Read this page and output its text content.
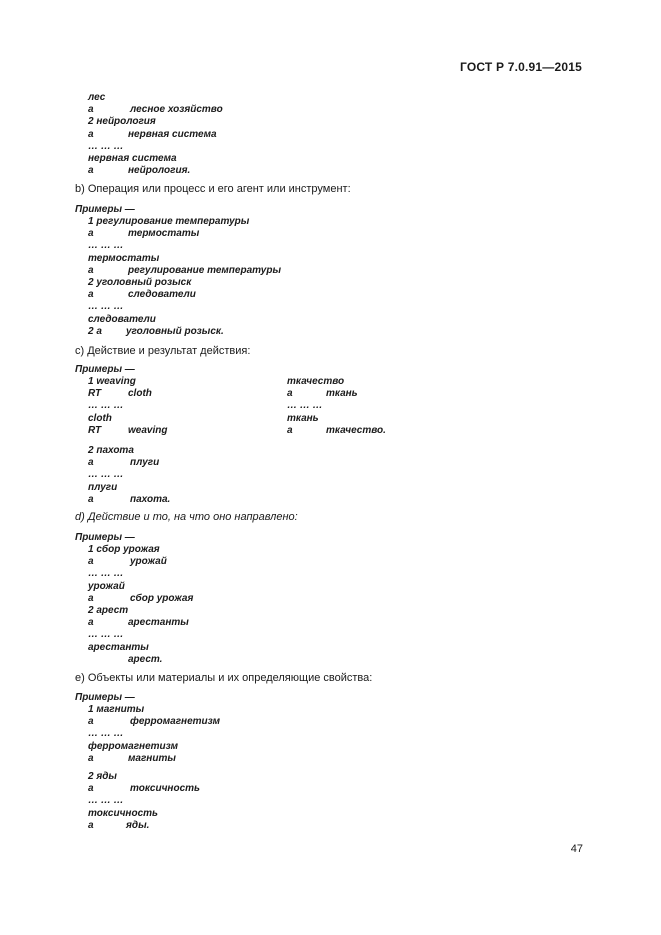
ГОСТ Р 7.0.91—2015
лес
a	лесное хозяйство
2 нейрология
a	нервная система
… … …
нервная система
a	нейрология.
b) Операция или процесс и его агент или инструмент:
Примеры —
1 регулирование температуры
a	термостаты
… … …
термостаты
a	регулирование температуры
2 уголовный розыск
a	следователи
… … …
следователи
2 a уголовный розыск.
c) Действие и результат действия:
Примеры —
1 weaving	ткачество
RT	cloth	a	ткань
… … …	… … …
cloth	ткань
RT	weaving	a	ткачество.
2 пахота
a	плуги
… … …
плуги
a	пахота.
d) Действие и то, на что оно направлено:
Примеры —
1 сбор урожая
a	урожай
… … …
урожай
a	сбор урожая
2 арест
a	арестанты
… … …
арестанты
арест.
e) Объекты или материалы и их определяющие свойства:
Примеры —
1 магниты
a	ферромагнетизм
… … …
ферромагнетизм
a	магниты
2 яды
a	токсичность
… … …
токсичность
a	яды.
47
